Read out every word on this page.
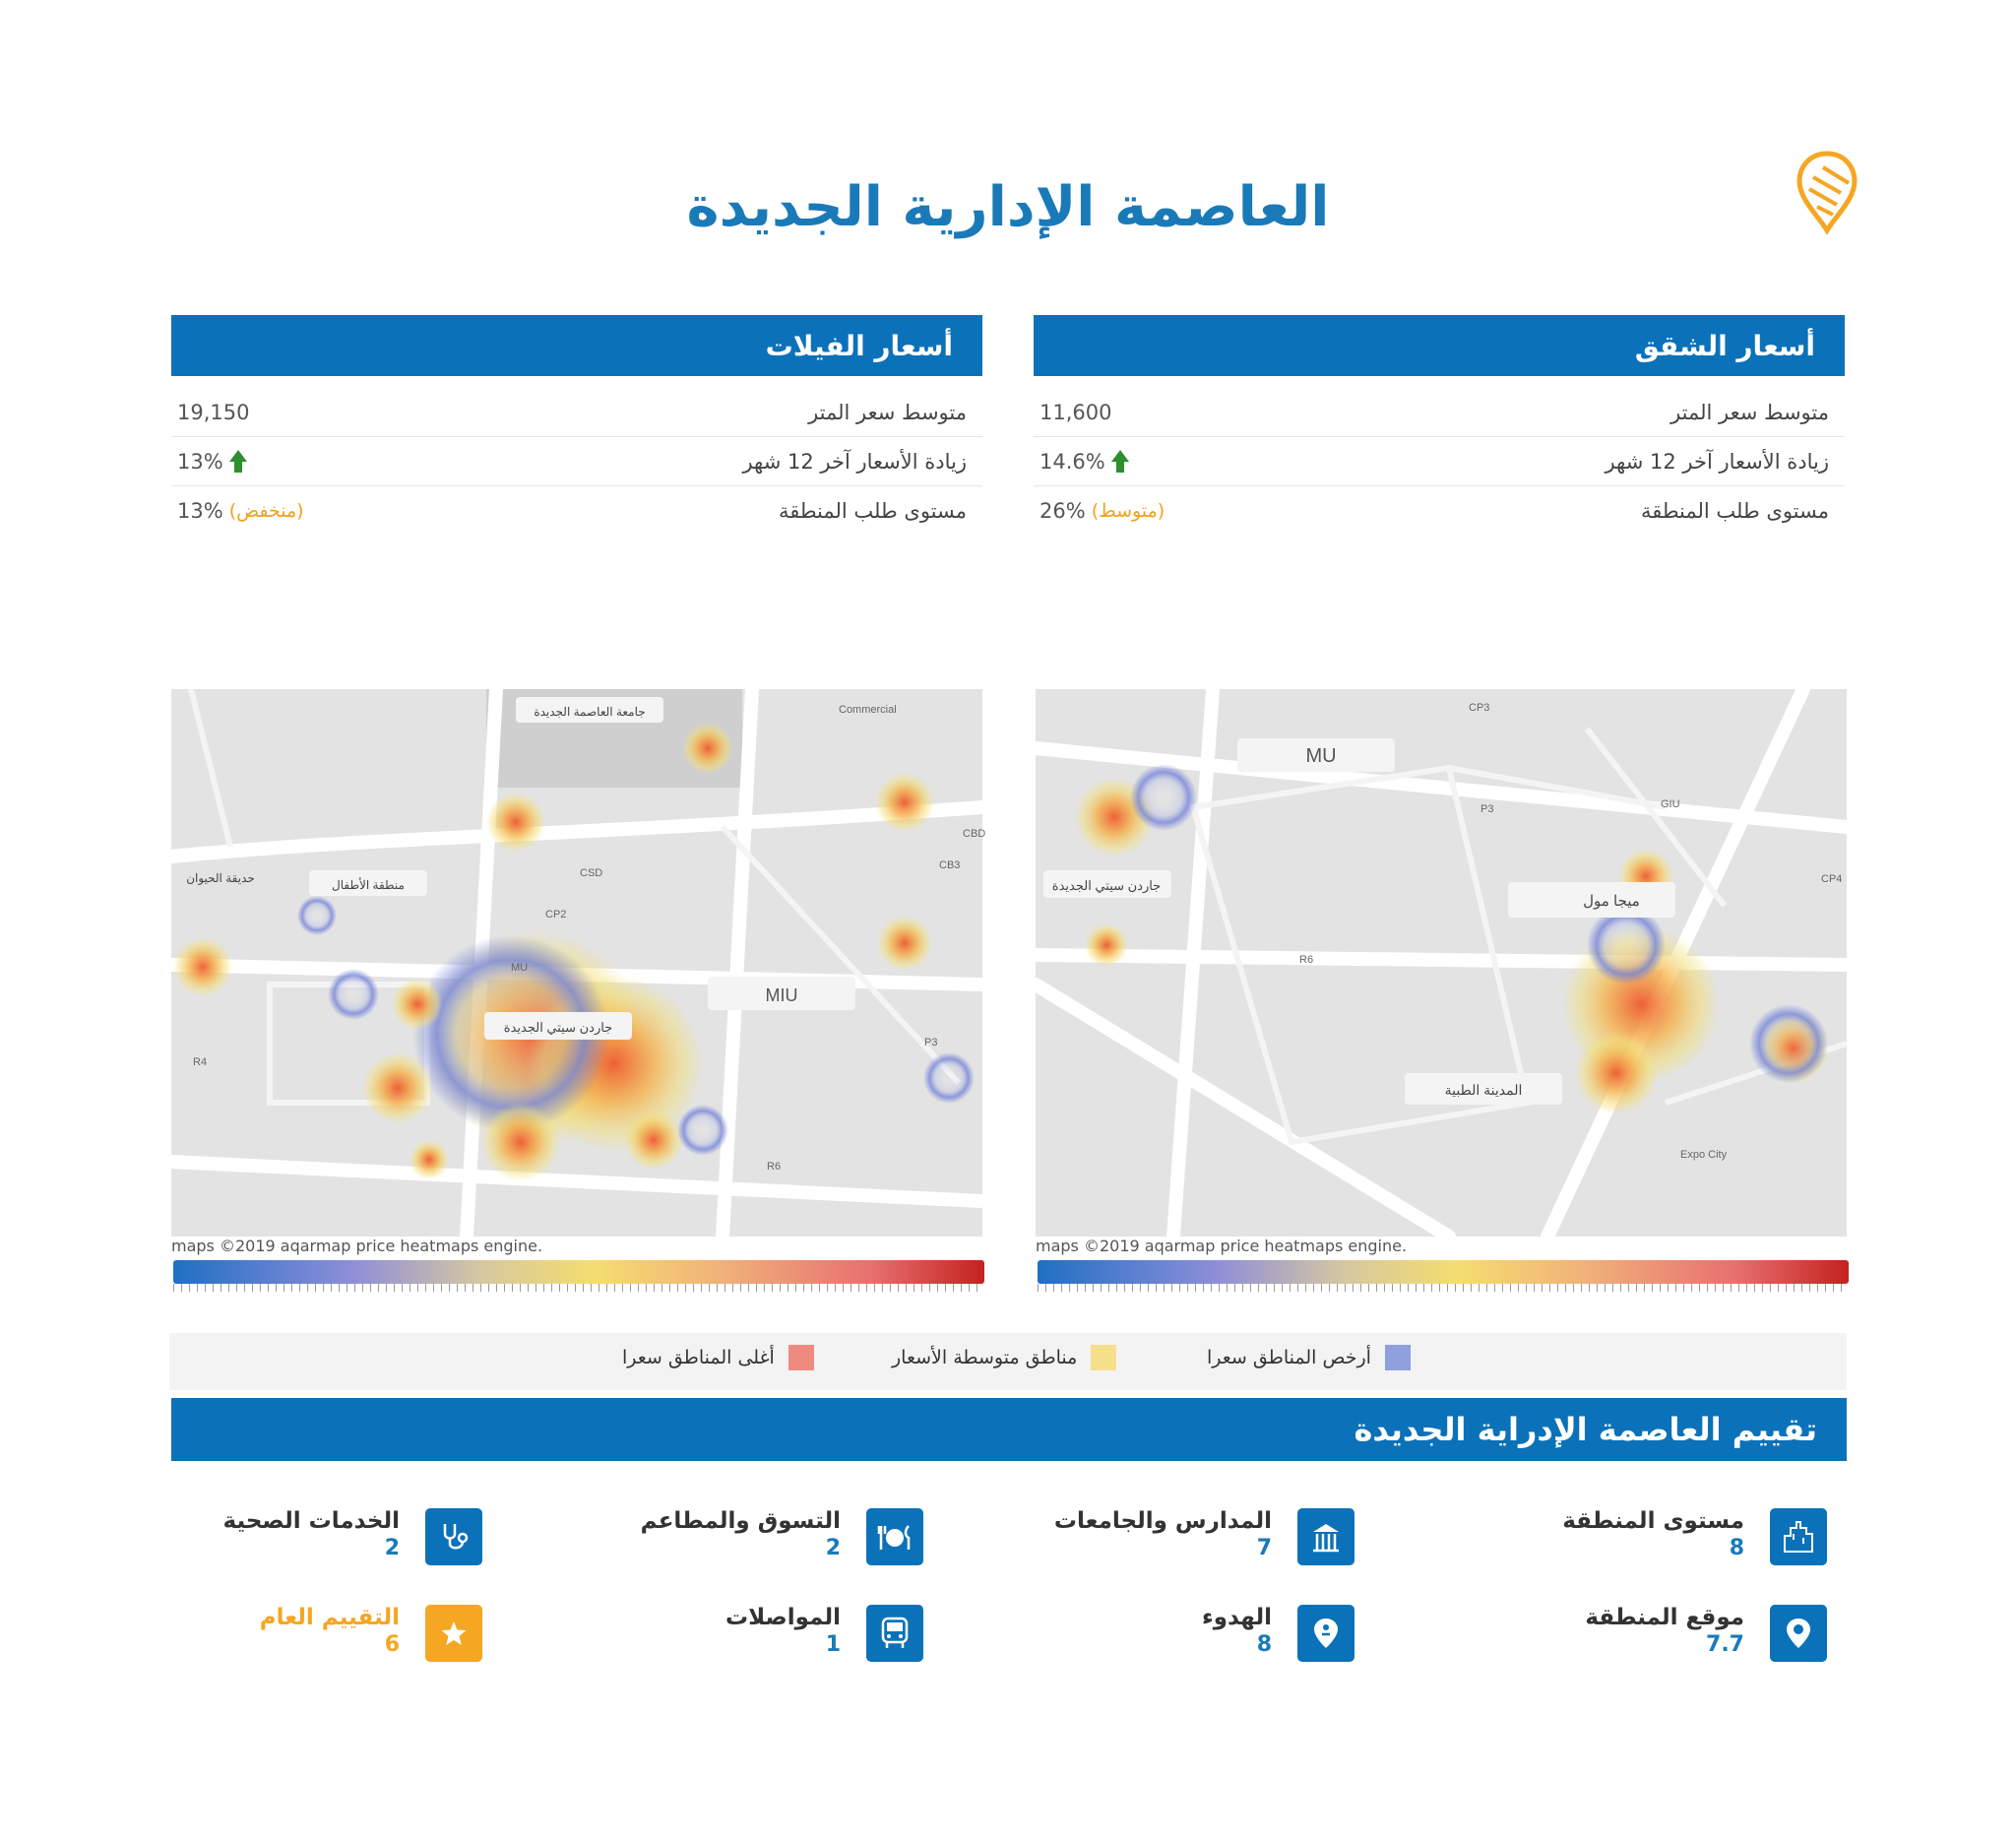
العاصمة الإدارية الجديدة
أسعار الشقق
11,600	متوسط سعر المتر
14.6%	زيادة الأسعار آخر 12 شهر
26% (متوسط)	مستوى طلب المنطقة
أسعار الفيلات
19,150	متوسط سعر المتر
13%	زيادة الأسعار آخر 12 شهر
13% (منخفض)	مستوى طلب المنطقة
MU
جاردن سيتي الجديدة
ميجا مول
المدينة الطبية
Expo City
CP3
P3	GIU
R6
CP4
maps ©2019 aqarmap price heatmaps engine.
جامعة العاصمة الجديدة	Commercial
منطقة الأطفال
حديقة الحيوان
MIU
جاردن سيتي الجديدة
CSD
CP2
CB3
P3
R6
MU
R4
CBD
maps ©2019 aqarmap price heatmaps engine.
أرخص المناطق سعرا
مناطق متوسطة الأسعار
أغلى المناطق سعرا
تقييم العاصمة الإدراية الجديدة
مستوى المنطقة
8
المدارس والجامعات
7
التسوق والمطاعم
2
الخدمات الصحية
2
موقع المنطقة
7.7
الهدوء
8
المواصلات
1
التقييم العام
6
